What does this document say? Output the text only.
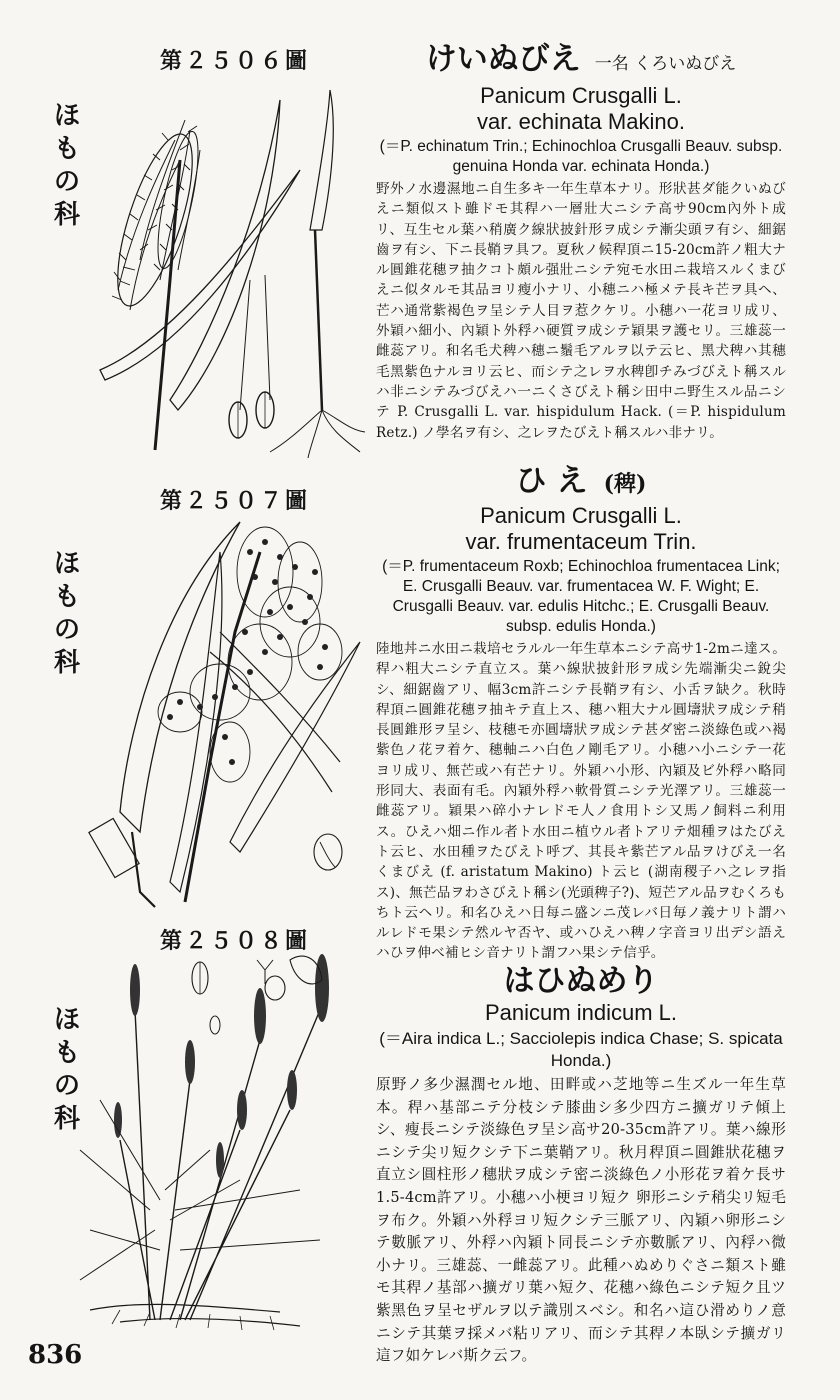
第２５０６圖
ほもの科
けいぬびえ 一名 くろいぬびえ
Panicum Crusgalli L.
var. echinata Makino.
(＝P. echinatum Trin.; Echinochloa Crusgalli Beauv. subsp. genuina Honda var. echinata Honda.)
野外ノ水邊濕地ニ自生多キ一年生草本ナリ。形狀甚ダ能クいぬびえニ類似スト雖ドモ其稈ハ一層壯大ニシテ高サ90cm內外ト成リ、互生セル葉ハ稍廣ク線狀披針形ヲ成シテ漸尖頭ヲ有シ、細鋸齒ヲ有シ、下ニ長鞘ヲ具フ。夏秋ノ候稈頂ニ15-20cm許ノ粗大ナル圓錐花穗ヲ抽クコト頗ル强壯ニシテ宛モ水田ニ栽培スルくまびえニ似タルモ其品ヨリ瘦小ナリ、小穗ニハ極メテ長キ芒ヲ具ヘ、芒ハ通常紫褐色ヲ呈シテ人目ヲ惹クケリ。小穗ハ一花ヨリ成リ、外穎ハ細小、內穎ト外稃ハ硬質ヲ成シテ穎果ヲ護セリ。三雄蕊一雌蕊アリ。和名毛犬稗ハ穗ニ鬚毛アルヲ以テ云ヒ、黑犬稗ハ其穗毛黑紫色ナルヨリ云ヒ、而シテ之レヲ水稗卽チみづびえト稱スルハ非ニシテみづびえハ一ニくさびえト稱シ田中ニ野生スル品ニシテ P. Crusgalli L. var. hispidulum Hack. (＝P. hispidulum Retz.) ノ學名ヲ有シ、之レヲたびえト稱スルハ非ナリ。
第２５０７圖
ほもの科
ひえ (稗)
Panicum Crusgalli L.
var. frumentaceum Trin.
(＝P. frumentaceum Roxb; Echinochloa frumentacea Link; E. Crusgalli Beauv. var. frumentacea W. F. Wight; E. Crusgalli Beauv. var. edulis Hitchc.; E. Crusgalli Beauv. subsp. edulis Honda.)
陸地丼ニ水田ニ栽培セラルル一年生草本ニシテ高サ1-2mニ達ス。稈ハ粗大ニシテ直立ス。葉ハ線狀披針形ヲ成シ先端漸尖ニ銳尖シ、細鋸齒アリ、幅3cm許ニシテ長鞘ヲ有シ、小舌ヲ缺ク。秋時稈頂ニ圓錐花穗ヲ抽キテ直上ス、穗ハ粗大ナル圓壔狀ヲ成シテ稍長圓錐形ヲ呈シ、枝穗モ亦圓壔狀ヲ成シテ甚ダ密ニ淡綠色或ハ褐紫色ノ花ヲ着ケ、穗軸ニハ白色ノ剛毛アリ。小穗ハ小ニシテ一花ヨリ成リ、無芒或ハ有芒ナリ。外穎ハ小形、內穎及ビ外稃ハ略同形同大、表面有毛。內穎外稃ハ軟骨質ニシテ光澤アリ。三雄蕊一雌蕊アリ。穎果ハ碎小ナレドモ人ノ食用トシ又馬ノ飼料ニ利用ス。ひえハ畑ニ作ル者ト水田ニ植ウル者トアリテ畑種ヲはたびえト云ヒ、水田種ヲたびえト呼ブ、其長キ紫芒アル品ヲけびえ一名くまびえ (f. aristatum Makino) ト云ヒ (湖南稷子ハ之レヲ指ス)、無芒品ヲわさびえト稱シ(光頭稗子?)、短芒アル品ヲむくろもちト云ヘリ。和名ひえハ日每ニ盛ンニ茂レバ日毎ノ義ナリト謂ハルレドモ果シテ然ルヤ否ヤ、或ハひえハ稗ノ字音ヨリ出デシ語えハひヲ伸べ補ヒシ音ナリト謂フハ果シテ信乎。
第２５０８圖
ほもの科
はひぬめり
Panicum indicum L.
(＝Aira indica L.; Sacciolepis indica Chase; S. spicata Honda.)
原野ノ多少濕潤セル地、田畔或ハ芝地等ニ生ズル一年生草本。稈ハ基部ニテ分枝シテ膝曲シ多少四方ニ擴ガリテ傾上シ、瘦長ニシテ淡綠色ヲ呈シ高サ20-35cm許アリ。葉ハ線形ニシテ尖リ短クシテ下ニ葉鞘アリ。秋月稈頂ニ圓錐狀花穗ヲ直立シ圓柱形ノ穗狀ヲ成シテ密ニ淡綠色ノ小形花ヲ着ケ長サ1.5-4cm許アリ。小穗ハ小梗ヨリ短ク 卵形ニシテ稍尖リ短毛ヲ布ク。外穎ハ外稃ヨリ短クシテ三脈アリ、內穎ハ卵形ニシテ數脈アリ、外稃ハ內穎ト同長ニシテ亦數脈アリ、內稃ハ微小ナリ。三雄蕊、一雌蕊アリ。此種ハぬめりぐさニ類スト雖モ其稈ノ基部ハ擴ガリ葉ハ短ク、花穗ハ綠色ニシテ短ク且ツ紫黑色ヲ呈セザルヲ以テ識別スベシ。和名ハ這ひ滑めりノ意ニシテ其葉ヲ採メバ粘リアリ、而シテ其稈ノ本臥シテ擴ガリ這フ如ケレバ斯ク云フ。
836
